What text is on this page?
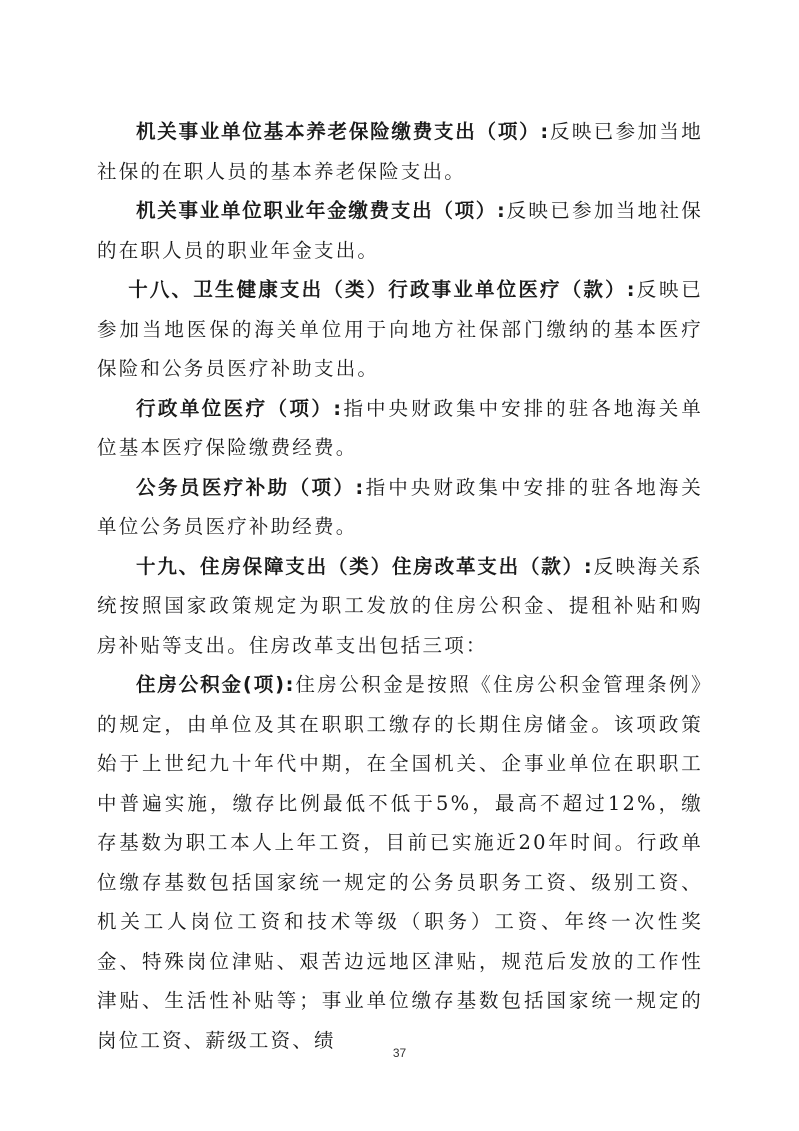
机关事业单位基本养老保险缴费支出（项）:反映已参加当地社保的在职人员的基本养老保险支出。

机关事业单位职业年金缴费支出（项）:反映已参加当地社保的在职人员的职业年金支出。

十八、卫生健康支出（类）行政事业单位医疗（款）:反映已参加当地医保的海关单位用于向地方社保部门缴纳的基本医疗保险和公务员医疗补助支出。

行政单位医疗（项）:指中央财政集中安排的驻各地海关单位基本医疗保险缴费经费。

公务员医疗补助（项）:指中央财政集中安排的驻各地海关单位公务员医疗补助经费。

十九、住房保障支出（类）住房改革支出（款）:反映海关系统按照国家政策规定为职工发放的住房公积金、提租补贴和购房补贴等支出。住房改革支出包括三项：

住房公积金(项):住房公积金是按照《住房公积金管理条例》的规定，由单位及其在职职工缴存的长期住房储金。该项政策始于上世纪九十年代中期，在全国机关、企事业单位在职职工中普遍实施，缴存比例最低不低于5%，最高不超过12%，缴存基数为职工本人上年工资，目前已实施近20年时间。行政单位缴存基数包括国家统一规定的公务员职务工资、级别工资、机关工人岗位工资和技术等级（职务）工资、年终一次性奖金、特殊岗位津贴、艰苦边远地区津贴，规范后发放的工作性津贴、生活性补贴等；事业单位缴存基数包括国家统一规定的岗位工资、薪级工资、绩

37
